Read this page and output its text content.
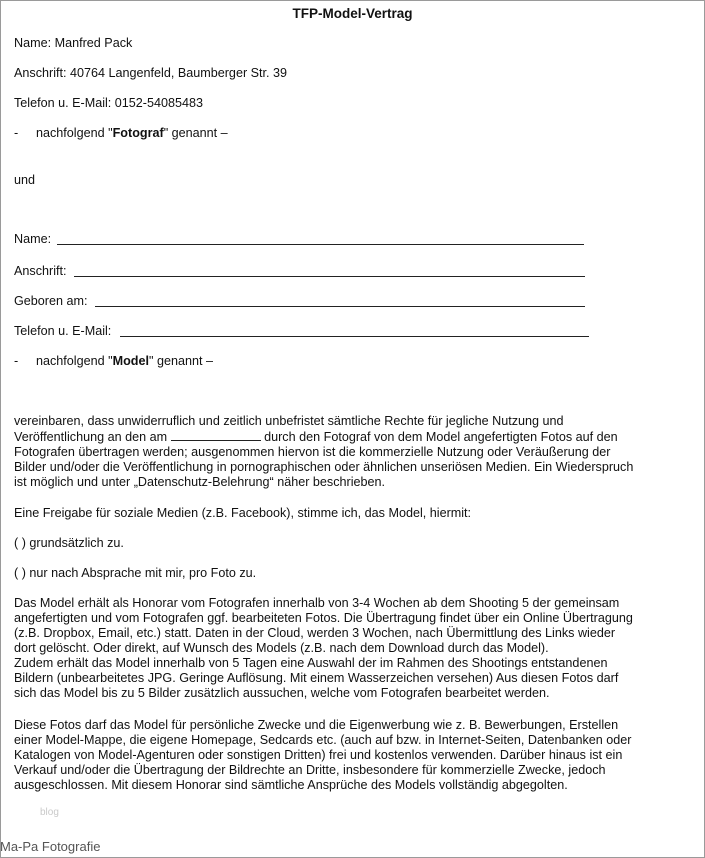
TFP-Model-Vertrag

Name: Manfred Pack

Anschrift: 40764 Langenfeld, Baumberger Str. 39

Telefon u. E-Mail: 0152-54085483

- nachfolgend "Fotograf" genannt –

und

Name:

Anschrift:

Geboren am:

Telefon u. E-Mail:

- nachfolgend "Model" genannt –

vereinbaren, dass unwiderruflich und zeitlich unbefristet sämtliche Rechte für jegliche Nutzung und
Veröffentlichung an den am	durch den Fotograf von dem Model angefertigten Fotos auf den
Fotografen übertragen werden; ausgenommen hiervon ist die kommerzielle Nutzung oder Veräußerung der
Bilder und/oder die Veröffentlichung in pornographischen oder ähnlichen unseriösen Medien. Ein Wiederspruch
ist möglich und unter „Datenschutz-Belehrung“ näher beschrieben.

Eine Freigabe für soziale Medien (z.B. Facebook), stimme ich, das Model, hiermit:

( ) grundsätzlich zu.

( ) nur nach Absprache mit mir, pro Foto zu.

Das Model erhält als Honorar vom Fotografen innerhalb von 3-4 Wochen ab dem Shooting 5 der gemeinsam
angefertigten und vom Fotografen ggf. bearbeiteten Fotos. Die Übertragung findet über ein Online Übertragung
(z.B. Dropbox, Email, etc.) statt. Daten in der Cloud, werden 3 Wochen, nach Übermittlung des Links wieder
dort gelöscht. Oder direkt, auf Wunsch des Models (z.B. nach dem Download durch das Model).
Zudem erhält das Model innerhalb von 5 Tagen eine Auswahl der im Rahmen des Shootings entstandenen
Bildern (unbearbeitetes JPG. Geringe Auflösung. Mit einem Wasserzeichen versehen) Aus diesen Fotos darf
sich das Model bis zu 5 Bilder zusätzlich aussuchen, welche vom Fotografen bearbeitet werden.
Diese Fotos darf das Model für persönliche Zwecke und die Eigenwerbung wie z. B. Bewerbungen, Erstellen
einer Model-Mappe, die eigene Homepage, Sedcards etc. (auch auf bzw. in Internet-Seiten, Datenbanken oder
Katalogen von Model-Agenturen oder sonstigen Dritten) frei und kostenlos verwenden. Darüber hinaus ist ein
Verkauf und/oder die Übertragung der Bildrechte an Dritte, insbesondere für kommerzielle Zwecke, jedoch
ausgeschlossen. Mit diesem Honorar sind sämtliche Ansprüche des Models vollständig abgegolten.
blog
Ma-Pa Fotografie
